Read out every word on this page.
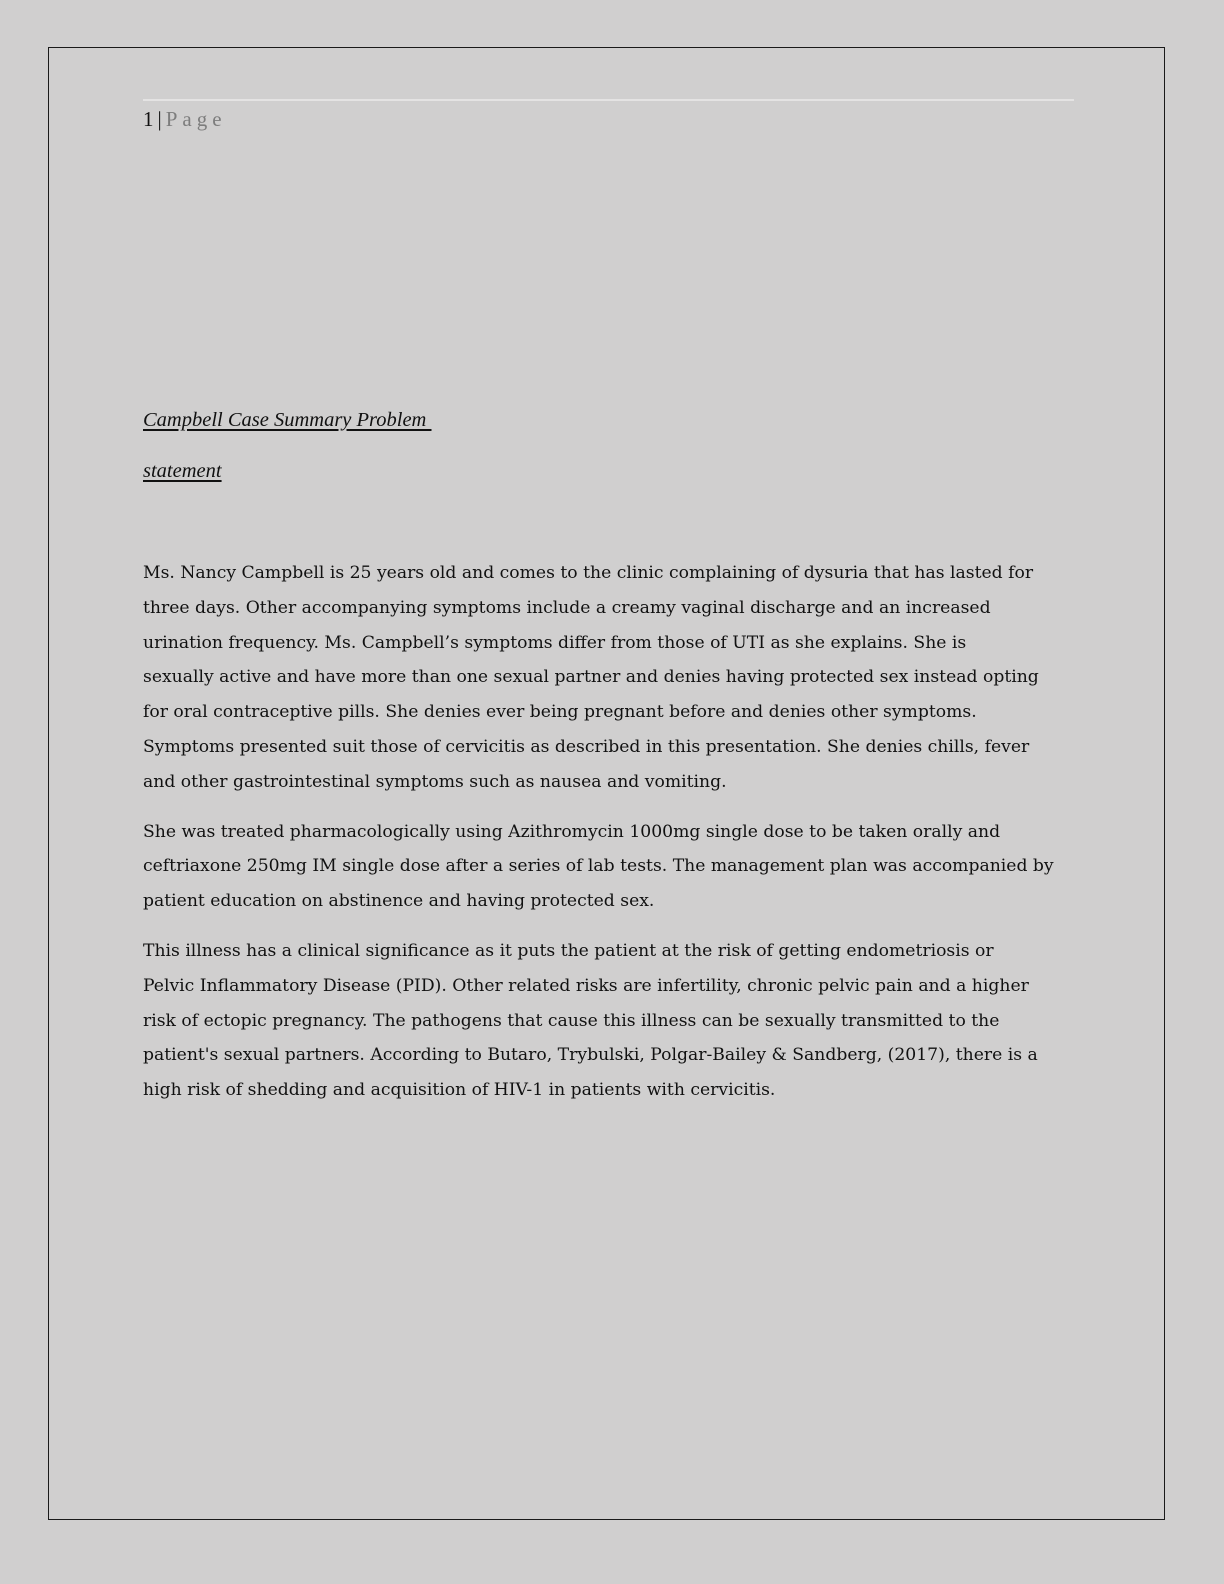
1 | Page
Campbell Case Summary Problem
statement

Ms. Nancy Campbell is 25 years old and comes to the clinic complaining of dysuria that has lasted for
three days. Other accompanying symptoms include a creamy vaginal discharge and an increased
urination frequency. Ms. Campbell’s symptoms differ from those of UTI as she explains. She is
sexually active and have more than one sexual partner and denies having protected sex instead opting
for oral contraceptive pills. She denies ever being pregnant before and denies other symptoms.
Symptoms presented suit those of cervicitis as described in this presentation. She denies chills, fever
and other gastrointestinal symptoms such as nausea and vomiting.

She was treated pharmacologically using Azithromycin 1000mg single dose to be taken orally and
ceftriaxone 250mg IM single dose after a series of lab tests. The management plan was accompanied by
patient education on abstinence and having protected sex.

This illness has a clinical significance as it puts the patient at the risk of getting endometriosis or
Pelvic Inflammatory Disease (PID). Other related risks are infertility, chronic pelvic pain and a higher
risk of ectopic pregnancy. The pathogens that cause this illness can be sexually transmitted to the
patient's sexual partners. According to Butaro, Trybulski, Polgar-Bailey & Sandberg, (2017), there is a
high risk of shedding and acquisition of HIV-1 in patients with cervicitis.
